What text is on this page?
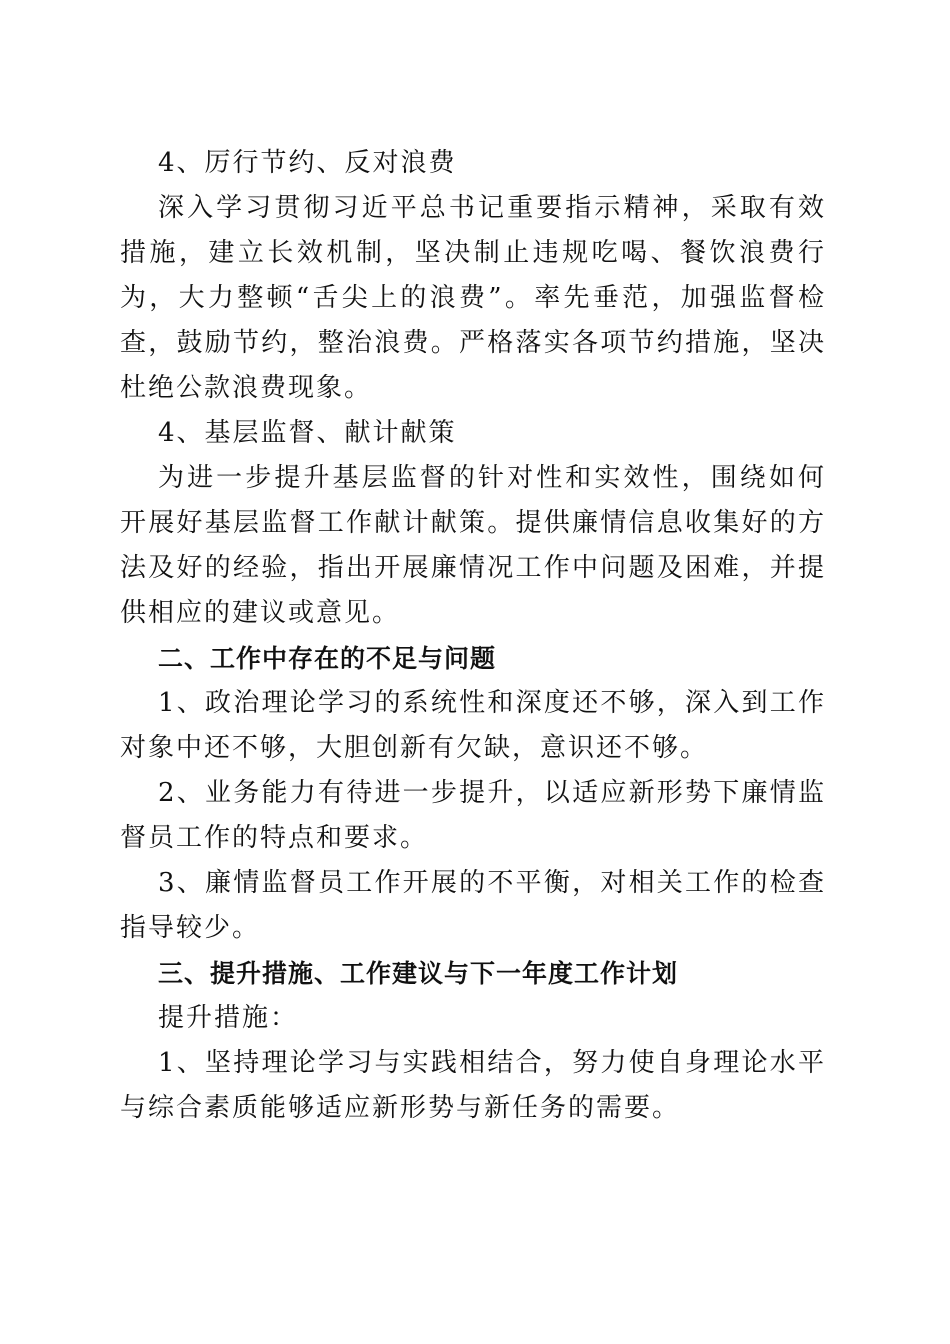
4、厉行节约、反对浪费

深入学习贯彻习近平总书记重要指示精神，采取有效措施，建立长效机制，坚决制止违规吃喝、餐饮浪费行为，大力整顿“舌尖上的浪费”。率先垂范，加强监督检查，鼓励节约，整治浪费。严格落实各项节约措施，坚决杜绝公款浪费现象。

4、基层监督、献计献策

为进一步提升基层监督的针对性和实效性，围绕如何开展好基层监督工作献计献策。提供廉情信息收集好的方法及好的经验，指出开展廉情况工作中问题及困难，并提供相应的建议或意见。

二、工作中存在的不足与问题

1、政治理论学习的系统性和深度还不够，深入到工作对象中还不够，大胆创新有欠缺，意识还不够。

2、业务能力有待进一步提升，以适应新形势下廉情监督员工作的特点和要求。

3、廉情监督员工作开展的不平衡，对相关工作的检查指导较少。

三、提升措施、工作建议与下一年度工作计划

提升措施：

1、坚持理论学习与实践相结合，努力使自身理论水平与综合素质能够适应新形势与新任务的需要。
